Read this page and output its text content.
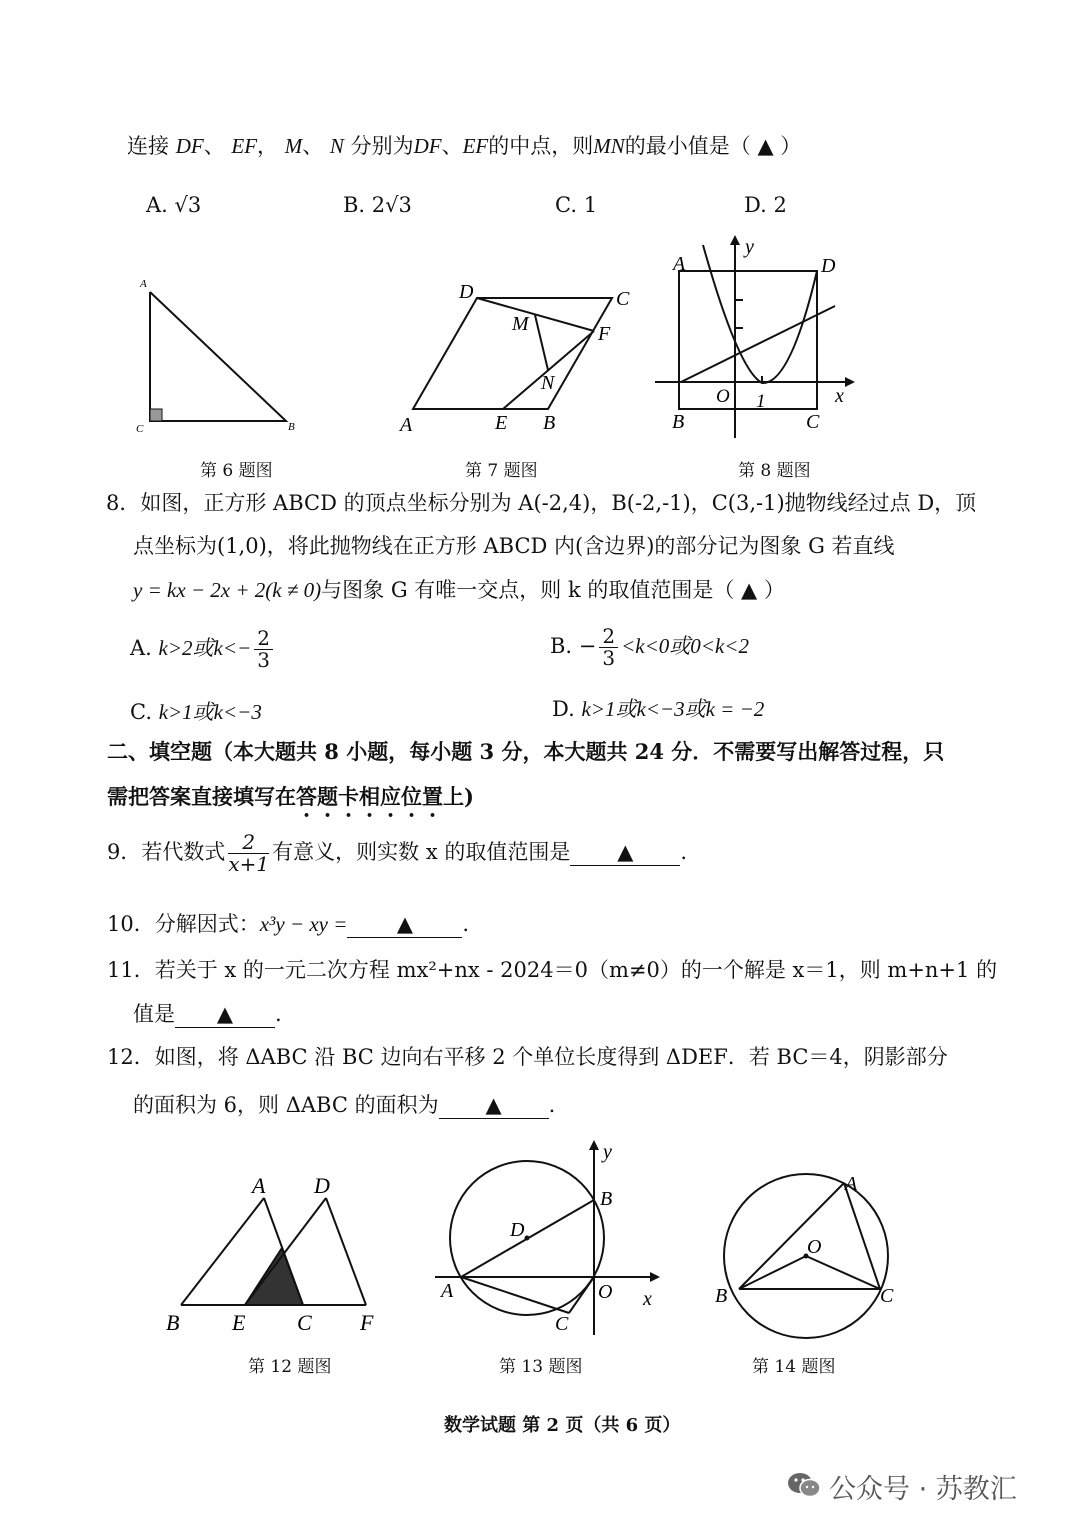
连接 DF、 EF， M、 N 分别为DF、EF的中点，则MN的最小值是（ ▲ ）
A. √3	B. 2√3	C. 1	D. 2
A
C	B
D	C
M	F
N
A	E B
A	D
y
x
O 1
B	C
第 6 题图	第 7 题图	第 8 题图
8．如图，正方形 ABCD 的顶点坐标分别为 A(-2,4)，B(-2,-1)，C(3,-1)抛物线经过点 D，顶
点坐标为(1,0)，将此抛物线在正方形 ABCD 内(含边界)的部分记为图象 G 若直线
y = kx − 2x + 2(k ≠ 0)与图象 G 有唯一交点，则 k 的取值范围是（ ▲ ）
A. k>2或$k<- \frac{2}{3}$	B. − $\frac{2}{3} <k<0$或0<k<2
C. k>1或k<−3	D. k>1或k<−3或k = −2
二、填空题（本大题共 8 小题，每小题 3 分，本大题共 24 分．不需要写出解答过程，只
需把答案直接填写在答题卡相应位置上)
9．若代数式 $\frac{2}{x+1}$ 有意义，则实数 x 的取值范围是 ▲ .
10．分解因式：x³y − xy = ▲ .
11．若关于 x 的一元二次方程 mx²+nx - 2024＝0（m≠0）的一个解是 x＝1，则 m+n+1 的
值是 ▲ .
12．如图，将 ΔABC 沿 BC 边向右平移 2 个单位长度得到 ΔDEF．若 BC＝4，阴影部分
的面积为 6，则 ΔABC 的面积为 ▲ .
A D
B E C F
y
B
D
A	O x
C
A
O
B	C
第 12 题图	第 13 题图	第 14 题图
数学试题 第 2 页（共 6 页）
公众号 · 苏教汇
